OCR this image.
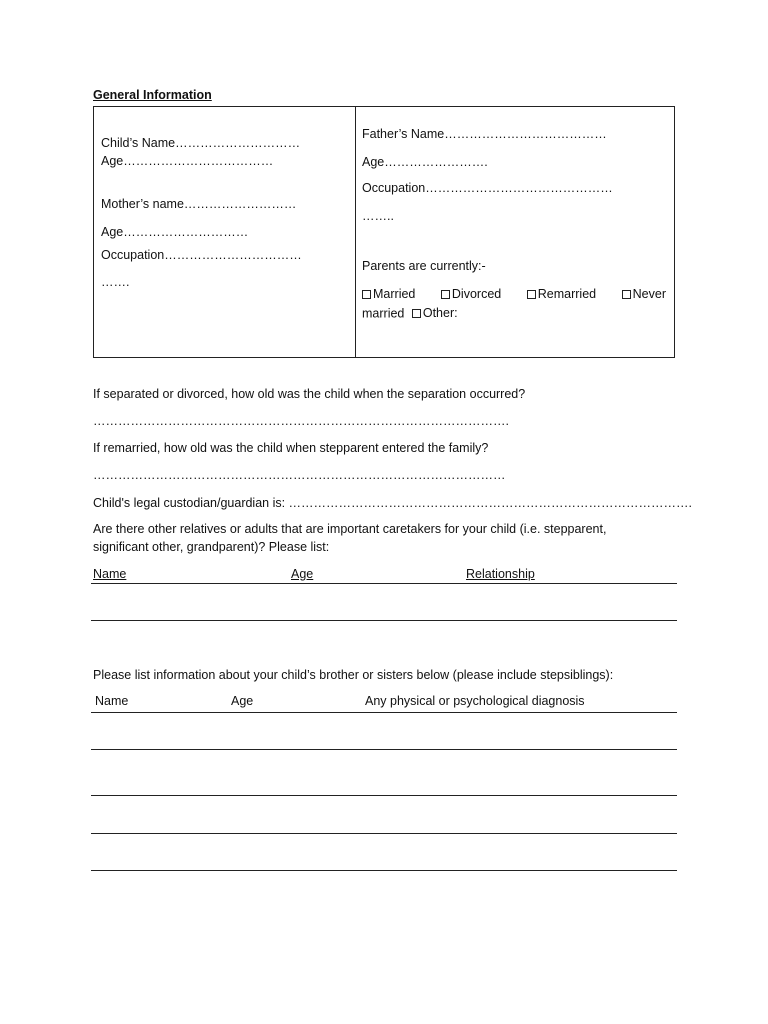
General Information
Child’s Name…………………………
Age………………………………
Mother’s name………………………
Age…………………………
Occupation……………………………
…….
Father’s Name…………………………………
Age…………………….
Occupation………………………………………
……..
Parents are currently:-
Married	Divorced	Remarried	Never
married Other:
If separated or divorced, how old was the child when the separation occurred?
……………………………………………………………………………………….
If remarried, how old was the child when stepparent entered the family?
………………………………………………………………………………………
Child's legal custodian/guardian is: …………………………………………………………………………………….
Are there other relatives or adults that are important caretakers for your child (i.e. stepparent,
significant other, grandparent)? Please list:
Name	Age	Relationship
Please list information about your child’s brother or sisters below (please include stepsiblings):
Name	Age	Any physical or psychological diagnosis
